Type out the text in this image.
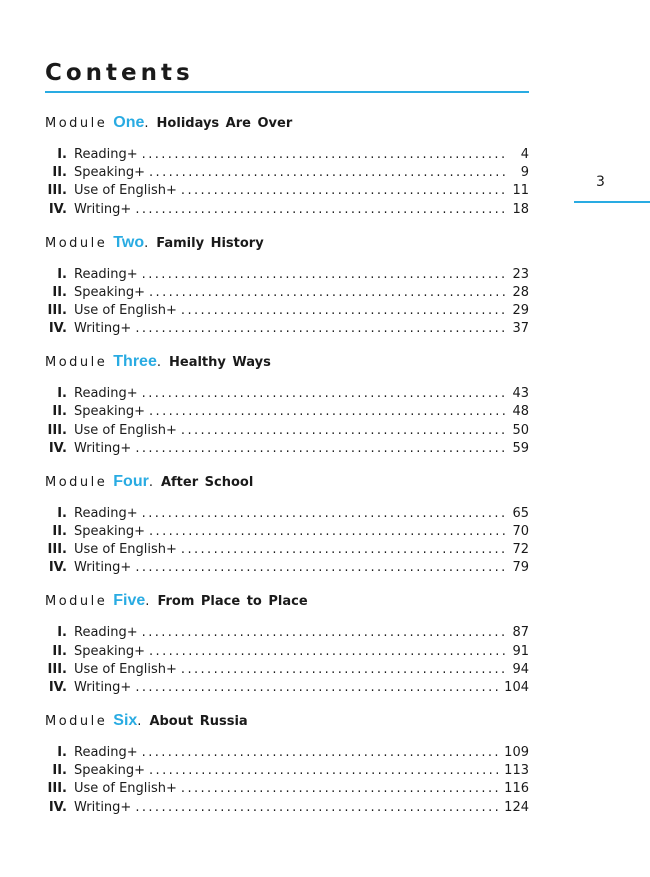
Contents
3
Module One. Holidays Are Over
I. Reading+ .....	4
II. Speaking+ .....	9
III. Use of English+ .....	11
IV. Writing+ .....	18
Module Two. Family History
I. Reading+ .....	23
II. Speaking+ .....	28
III. Use of English+ .....	29
IV. Writing+ .....	37
Module Three. Healthy Ways
I. Reading+ .....	43
II. Speaking+ .....	48
III. Use of English+ .....	50
IV. Writing+ .....	59
Module Four. After School
I. Reading+ .....	65
II. Speaking+ .....	70
III. Use of English+ .....	72
IV. Writing+ .....	79
Module Five. From Place to Place
I. Reading+ .....	87
II. Speaking+ .....	91
III. Use of English+ .....	94
IV. Writing+ .....	104
Module Six. About Russia
I. Reading+ .....	109
II. Speaking+ .....	113
III. Use of English+ .....	116
IV. Writing+ .....	124
